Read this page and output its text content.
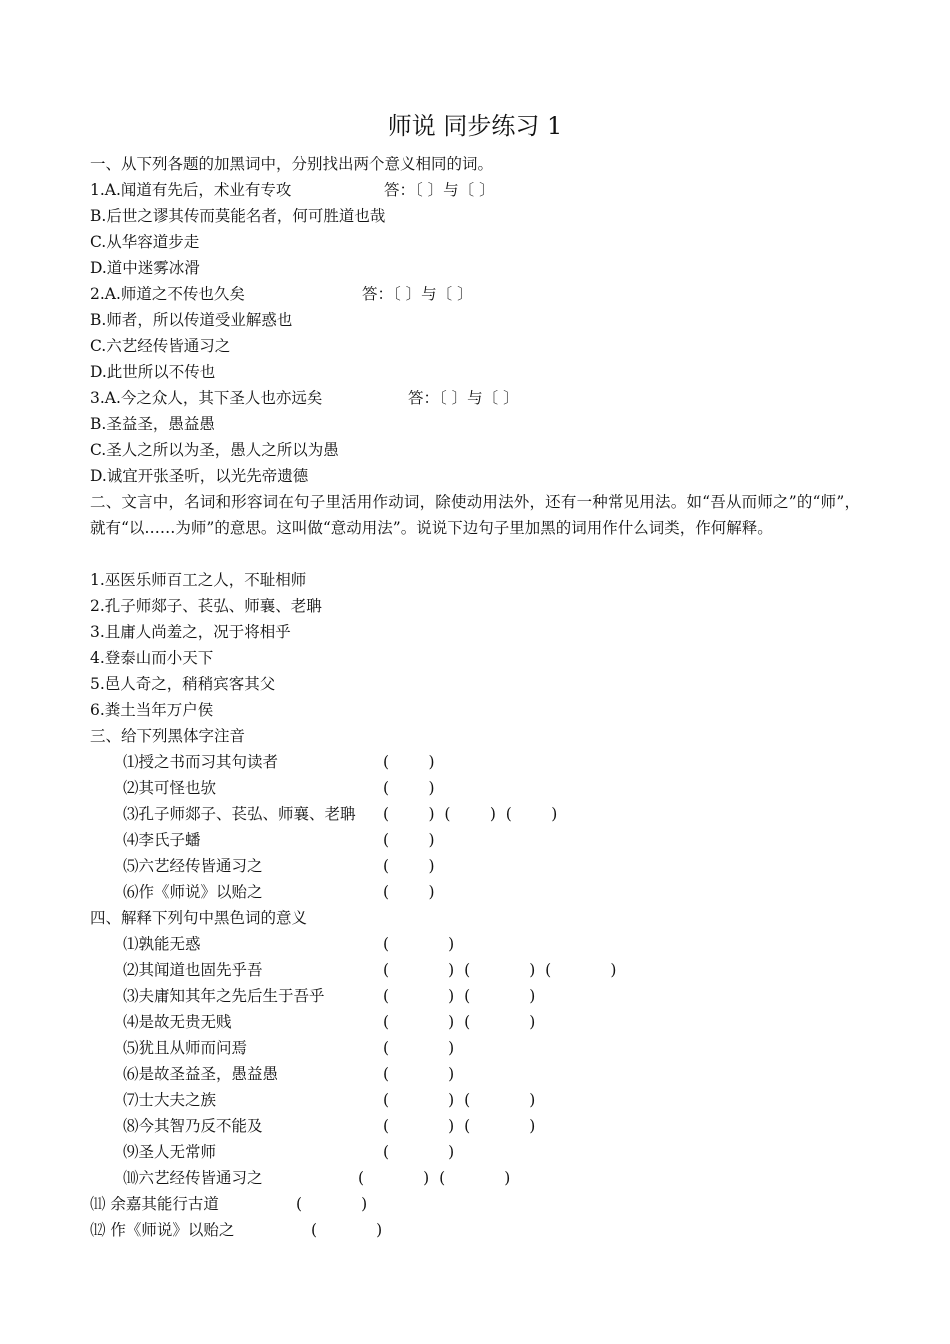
师说 同步练习 1
一、从下列各题的加黑词中，分别找出两个意义相同的词。
1.A.闻道有先后，术业有专攻	答：〔 〕与〔 〕
B.后世之谬其传而莫能名者，何可胜道也哉
C.从华容道步走
D.道中迷雾冰滑
2.A.师道之不传也久矣	答：〔 〕与〔 〕
B.师者，所以传道受业解惑也
C.六艺经传皆通习之
D.此世所以不传也
3.A.今之众人，其下圣人也亦远矣	答：〔 〕与〔 〕
B.圣益圣，愚益愚
C.圣人之所以为圣，愚人之所以为愚
D.诚宜开张圣听，以光先帝遗德
二、文言中，名词和形容词在句子里活用作动词，除使动用法外，还有一种常见用法。如“吾从而师之”的“师”，就有“以……为师”的意思。这叫做“意动用法”。说说下边句子里加黑的词用作什么词类，作何解释。
1.巫医乐师百工之人，不耻相师
2.孔子师郯子、苌弘、师襄、老聃
3.且庸人尚羞之，况于将相乎
4.登泰山而小天下
5.邑人奇之，稍稍宾客其父
6.粪土当年万户侯
三、给下列黑体字注音
⑴授之书而习其句读者	(        )
⑵其可怪也欤	(        )
⑶孔子师郯子、苌弘、师襄、老聃 (        )  (        )  (        )
⑷李氏子蟠	(        )
⑸六艺经传皆通习之	(        )
⑹作《师说》以贻之	(        )
四、解释下列句中黑色词的意义
⑴孰能无惑	(            )
⑵其闻道也固先乎吾	(            )  (            )  (            )
⑶夫庸知其年之先后生于吾乎	(            )  (            )
⑷是故无贵无贱	(            )  (            )
⑸犹且从师而问焉	(            )
⑹是故圣益圣，愚益愚	(            )
⑺士大夫之族	(            )  (            )
⑻今其智乃反不能及	(            )  (            )
⑼圣人无常师	(            )
⑽六艺经传皆通习之	(            )  (            )
⑾ 余嘉其能行古道	(            )
⑿ 作《师说》以贻之	(            )
